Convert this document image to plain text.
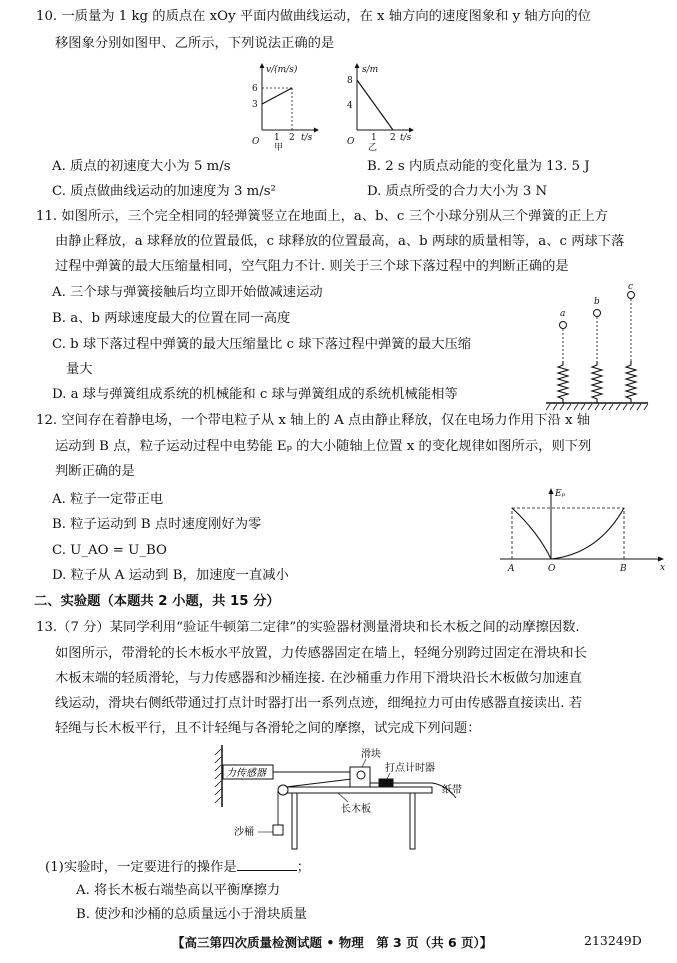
10. 一质量为 1 kg 的质点在 xOy 平面内做曲线运动，在 x 轴方向的速度图象和 y 轴方向的位
移图象分别如图甲、乙所示，下列说法正确的是
v/(m/s)
6
3
O 1 2 t/s
甲
s/m
8
4
O 1 2 t/s
乙
A. 质点的初速度大小为 5 m/s	B. 2 s 内质点动能的变化量为 13. 5 J
C. 质点做曲线运动的加速度为 3 m/s²	D. 质点所受的合力大小为 3 N
11. 如图所示，三个完全相同的轻弹簧竖立在地面上，a、b、c 三个小球分别从三个弹簧的正上方
由静止释放，a 球释放的位置最低，c 球释放的位置最高，a、b 两球的质量相等，a、c 两球下落
过程中弹簧的最大压缩量相同，空气阻力不计. 则关于三个球下落过程中的判断正确的是
A. 三个球与弹簧接触后均立即开始做减速运动
B. a、b 两球速度最大的位置在同一高度
C. b 球下落过程中弹簧的最大压缩量比 c 球下落过程中弹簧的最大压缩
量大
D. a 球与弹簧组成系统的机械能和 c 球与弹簧组成的系统机械能相等
a
b
c
12. 空间存在着静电场，一个带电粒子从 x 轴上的 A 点由静止释放，仅在电场力作用下沿 x 轴
运动到 B 点，粒子运动过程中电势能 Eₚ 的大小随轴上位置 x 的变化规律如图所示，则下列
判断正确的是
A. 粒子一定带正电
B. 粒子运动到 B 点时速度刚好为零
C. U_AO = U_BO
D. 粒子从 A 运动到 B，加速度一直减小
Eₚ
x
A	O	B
二、实验题（本题共 2 小题，共 15 分）
13.（7 分）某同学利用“验证牛顿第二定律”的实验器材测量滑块和长木板之间的动摩擦因数.
如图所示，带滑轮的长木板水平放置，力传感器固定在墙上，轻绳分别跨过固定在滑块和长
木板末端的轻质滑轮，与力传感器和沙桶连接. 在沙桶重力作用下滑块沿长木板做匀加速直
线运动，滑块右侧纸带通过打点计时器打出一系列点迹，细绳拉力可由传感器直接读出. 若
轻绳与长木板平行，且不计轻绳与各滑轮之间的摩擦，试完成下列问题：
力传感器
沙桶
滑块
打点计时器
纸带
长木板
(1)实验时，一定要进行的操作是	；
A. 将长木板右端垫高以平衡摩擦力
B. 使沙和沙桶的总质量远小于滑块质量
【高三第四次质量检测试题 • 物理　第 3 页（共 6 页）】	213249D
